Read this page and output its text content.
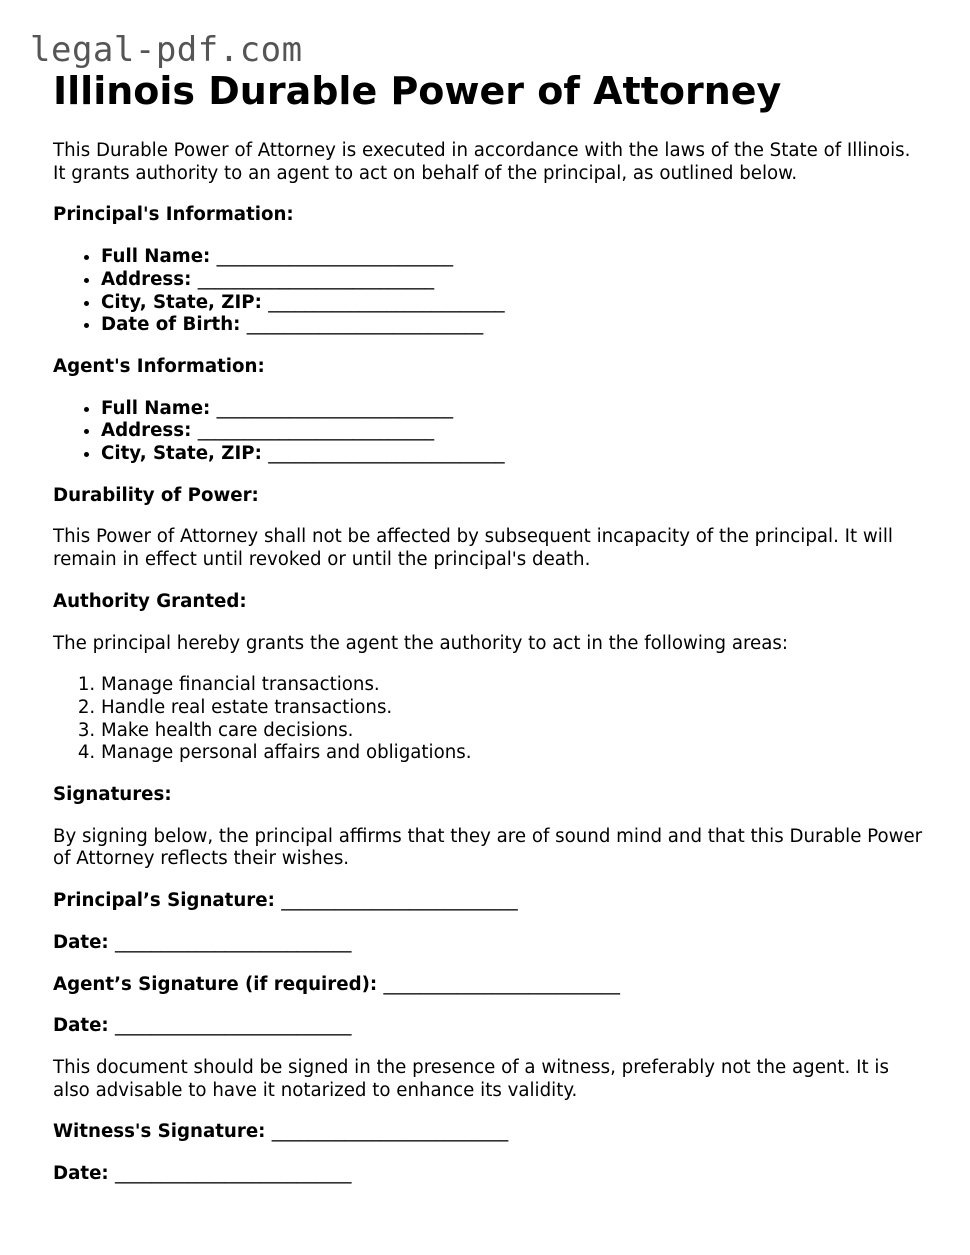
legal-pdf.com
Illinois Durable Power of Attorney

This Durable Power of Attorney is executed in accordance with the laws of the State of Illinois. It grants authority to an agent to act on behalf of the principal, as outlined below.

Principal's Information:

• Full Name: __________________________
• Address: __________________________
• City, State, ZIP: __________________________
• Date of Birth: __________________________

Agent's Information:

• Full Name: __________________________
• Address: __________________________
• City, State, ZIP: __________________________

Durability of Power:

This Power of Attorney shall not be affected by subsequent incapacity of the principal. It will remain in effect until revoked or until the principal's death.

Authority Granted:

The principal hereby grants the agent the authority to act in the following areas:

1. Manage financial transactions.
2. Handle real estate transactions.
3. Make health care decisions.
4. Manage personal affairs and obligations.

Signatures:

By signing below, the principal affirms that they are of sound mind and that this Durable Power of Attorney reflects their wishes.

Principal’s Signature: __________________________

Date: __________________________

Agent’s Signature (if required): __________________________

Date: __________________________

This document should be signed in the presence of a witness, preferably not the agent. It is also advisable to have it notarized to enhance its validity.

Witness's Signature: __________________________

Date: __________________________
